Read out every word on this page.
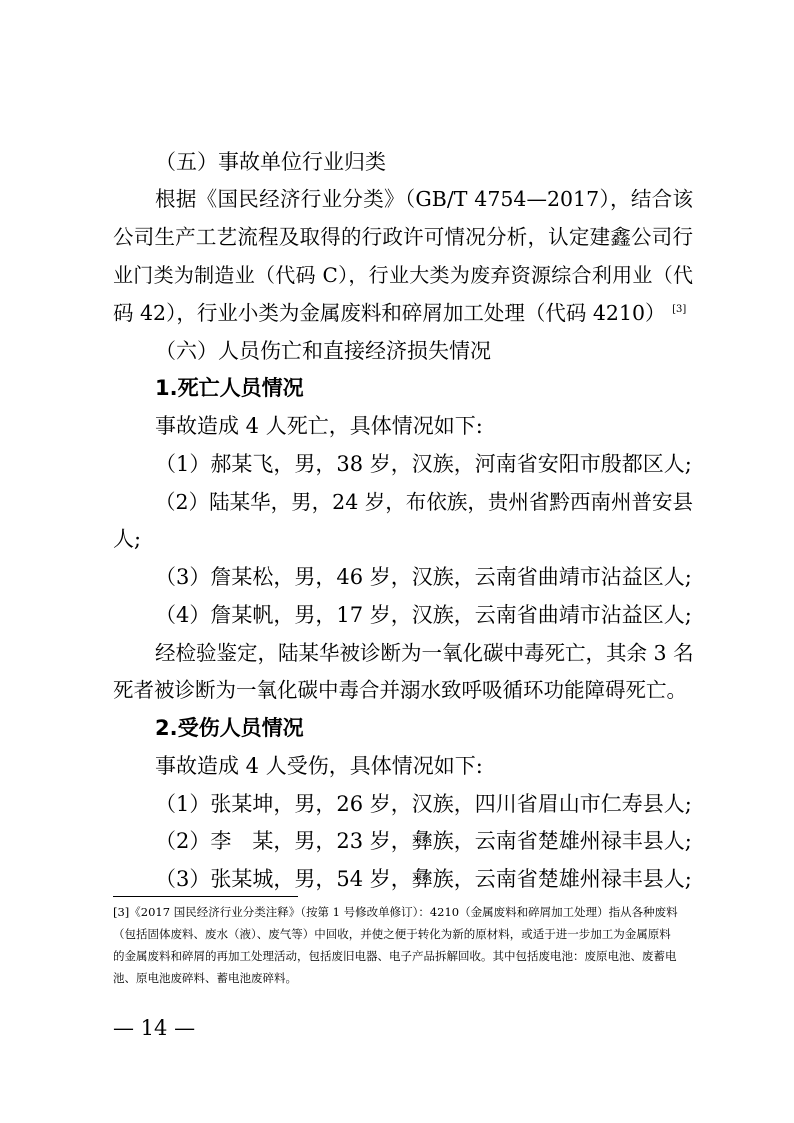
（五）事故单位行业归类
根据《国民经济行业分类》（GB/T 4754—2017），结合该
公司生产工艺流程及取得的行政许可情况分析，认定建鑫公司行
业门类为制造业（代码 C），行业大类为废弃资源综合利用业（代
码 42），行业小类为金属废料和碎屑加工处理（代码 4210） [3]
（六）人员伤亡和直接经济损失情况
1.死亡人员情况
事故造成 4 人死亡，具体情况如下:
（1）郝某飞，男，38 岁，汉族，河南省安阳市殷都区人;
（2）陆某华，男，24 岁，布依族，贵州省黔西南州普安县
人;
（3）詹某松，男，46 岁，汉族，云南省曲靖市沾益区人;
（4）詹某帆，男，17 岁，汉族，云南省曲靖市沾益区人;
经检验鉴定，陆某华被诊断为一氧化碳中毒死亡，其余 3 名
死者被诊断为一氧化碳中毒合并溺水致呼吸循环功能障碍死亡。
2.受伤人员情况
事故造成 4 人受伤，具体情况如下:
（1）张某坤，男，26 岁，汉族，四川省眉山市仁寿县人;
（2）李　某，男，23 岁，彝族，云南省楚雄州禄丰县人;
（3）张某城，男，54 岁，彝族，云南省楚雄州禄丰县人;
[3]《2017 国民经济行业分类注释》（按第 1 号修改单修订）：4210（金属废料和碎屑加工处理）指从各种废料
（包括固体废料、废水（液）、废气等）中回收，并使之便于转化为新的原材料，或适于进一步加工为金属原料
的金属废料和碎屑的再加工处理活动，包括废旧电器、电子产品拆解回收。其中包括废电池：废原电池、废蓄电
池、原电池废碎料、蓄电池废碎料。
— 14 —
